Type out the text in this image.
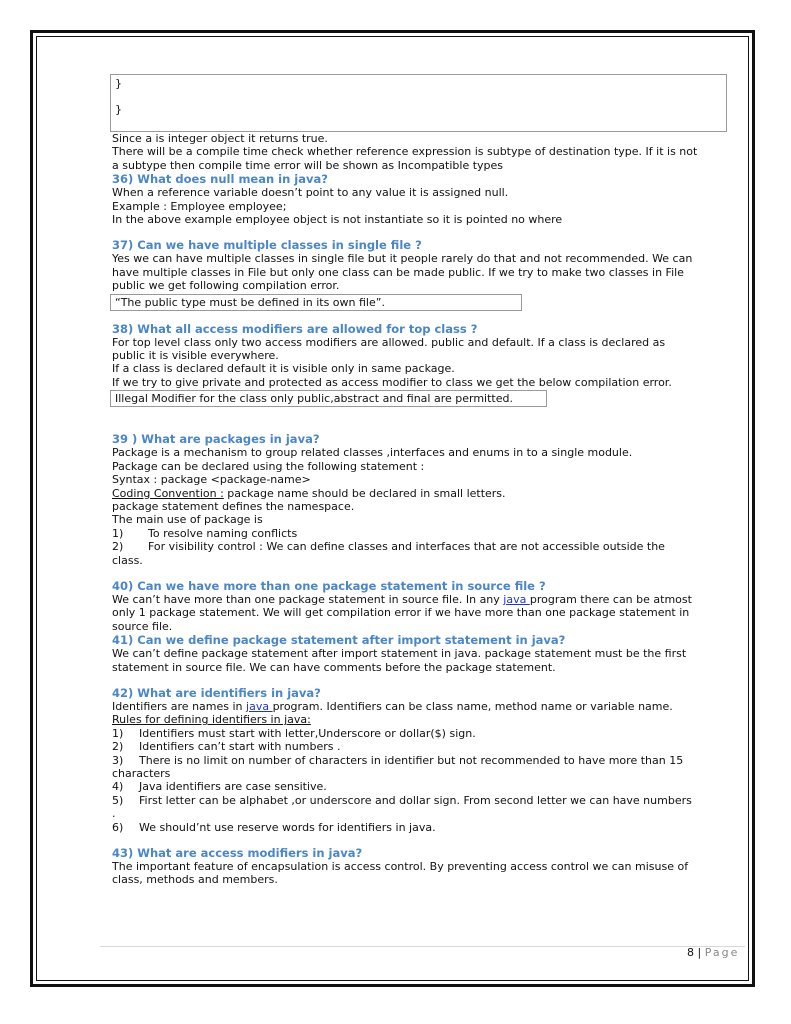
}
}
Since a is integer object it returns true.
There will be a compile time check whether reference expression is subtype of destination type. If it is not
a subtype then compile time error will be shown as Incompatible types
36) What does null mean in java?
When a reference variable doesn’t point to any value it is assigned null.
Example : Employee employee;
In the above example employee object is not instantiate so it is pointed no where
37) Can we have multiple classes in single file ?
Yes we can have multiple classes in single file but it people rarely do that and not recommended. We can
have multiple classes in File but only one class can be made public. If we try to make two classes in File
public we get following compilation error.
“The public type must be defined in its own file”.
38) What all access modifiers are allowed for top class ?
For top level class only two access modifiers are allowed. public and default. If a class is declared as
public it is visible everywhere.
If a class is declared default it is visible only in same package.
If we try to give private and protected as access modifier to class we get the below compilation error.
Illegal Modifier for the class only public,abstract and final are permitted.
39 ) What are packages in java?
Package is a mechanism to group related classes ,interfaces and enums in to a single module.
Package can be declared using the following statement :
Syntax : package <package-name>
Coding Convention : package name should be declared in small letters.
package statement defines the namespace.
The main use of package is
1)	To resolve naming conflicts
2)	For visibility control : We can define classes and interfaces that are not accessible outside the
class.
40) Can we have more than one package statement in source file ?
We can’t have more than one package statement in source file. In any java program there can be atmost
only 1 package statement. We will get compilation error if we have more than one package statement in
source file.
41) Can we define package statement after import statement in java?
We can’t define package statement after import statement in java. package statement must be the first
statement in source file. We can have comments before the package statement.
42) What are identifiers in java?
Identifiers are names in java program. Identifiers can be class name, method name or variable name.
Rules for defining identifiers in java:
1)	Identifiers must start with letter,Underscore or dollar($) sign.
2)	Identifiers can’t start with numbers .
3)	There is no limit on number of characters in identifier but not recommended to have more than 15
characters
4)	Java identifiers are case sensitive.
5)	First letter can be alphabet ,or underscore and dollar sign. From second letter we can have numbers
.
6)	We should’nt use reserve words for identifiers in java.
43) What are access modifiers in java?
The important feature of encapsulation is access control. By preventing access control we can misuse of
class, methods and members.
8 | Page
